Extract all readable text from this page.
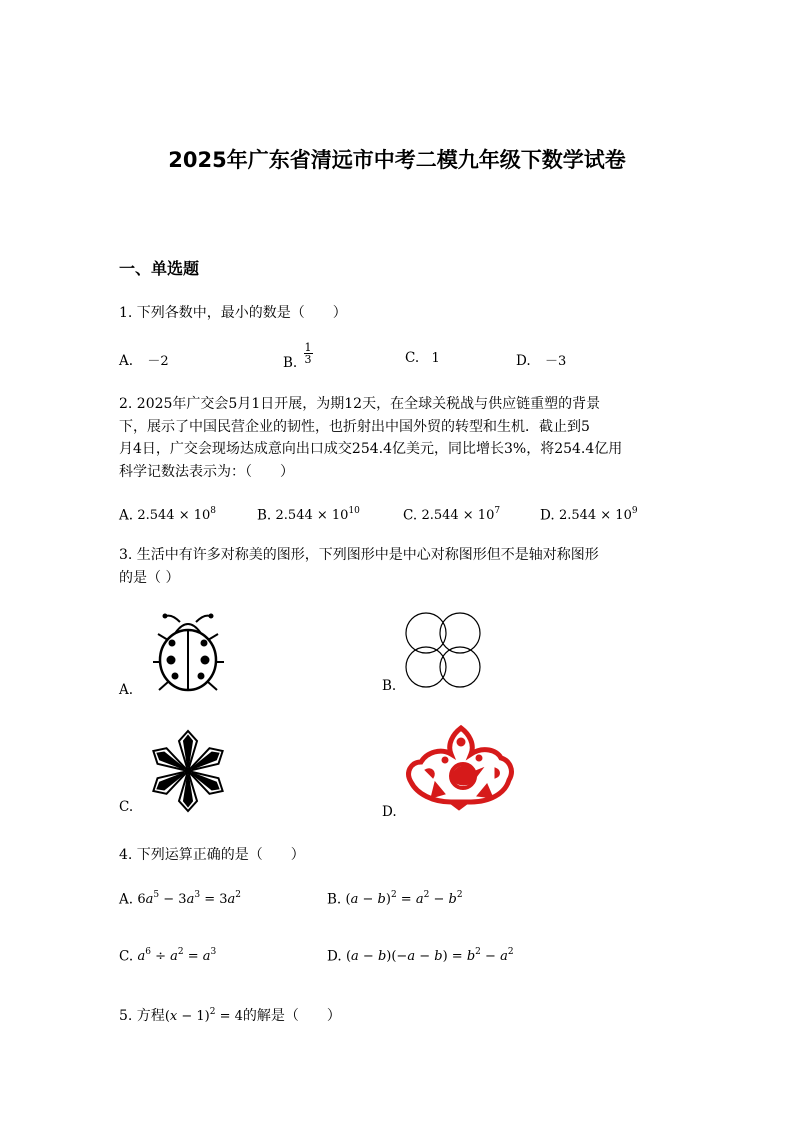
2025年广东省清远市中考二模九年级下数学试卷
一、单选题
1. 下列各数中，最小的数是（　　）
A. －2	B. $\frac{1}{3}$	C. 1	D. －3
2. 2025年广交会5月1日开展，为期12天，在全球关税战与供应链重塑的背景
下，展示了中国民营企业的韧性，也折射出中国外贸的转型和生机．截止到5
月4日，广交会现场达成意向出口成交254.4亿美元，同比增长3%，将254.4亿用
科学记数法表示为：（　　）
A. $2.544 \times 10^8$	B. $2.544 \times 10^{10}$	C. $2.544 \times 10^7$	D. $2.544 \times 10^9$
3. 生活中有许多对称美的图形，下列图形中是中心对称图形但不是轴对称图形
的是（ ）
A.	B.
C.	D.
4. 下列运算正确的是（　　）
A. $6a^5 - 3a^3 = 3a^2$	B. $(a - b)^2 = a^2 - b^2$
C. $a^6 \div a^2 = a^3$	D. $(a - b)(-a - b) = b^2 - a^2$
5. 方程$(x - 1)^2 = 4$的解是（　　）
